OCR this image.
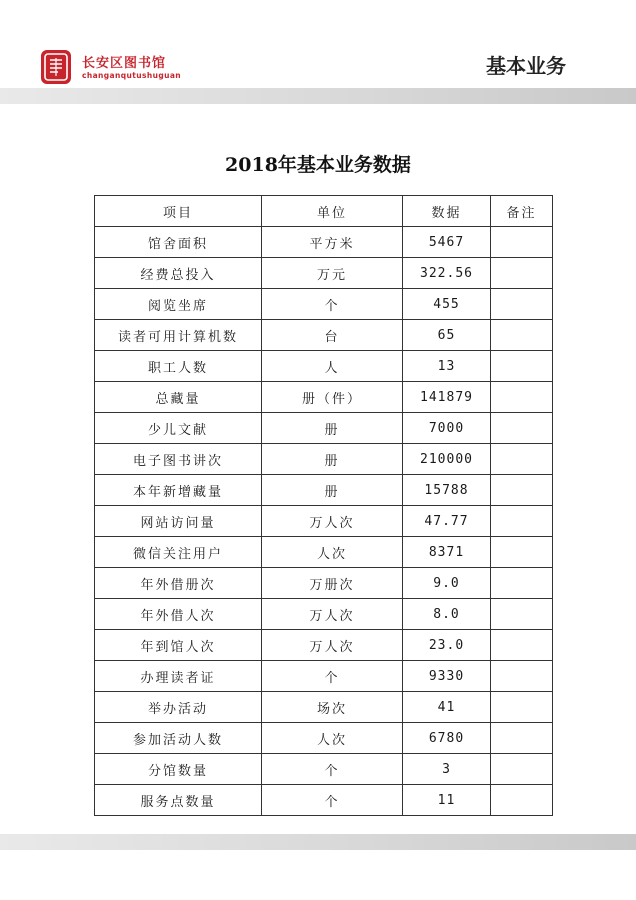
长安区图书馆
changanqutushuguan	基本业务
2018年基本业务数据
项目	单位	数据	备注
馆舍面积	平方米	5467	
经费总投入	万元	322.56	
阅览坐席	个	455	
读者可用计算机数	台	65	
职工人数	人	13	
总藏量	册（件）	141879	
少儿文献	册	7000	
电子图书讲次	册	210000	
本年新增藏量	册	15788	
网站访问量	万人次	47.77	
微信关注用户	人次	8371	
年外借册次	万册次	9.0	
年外借人次	万人次	8.0	
年到馆人次	万人次	23.0	
办理读者证	个	9330	
举办活动	场次	41	
参加活动人数	人次	6780	
分馆数量	个	3	
服务点数量	个	11	
